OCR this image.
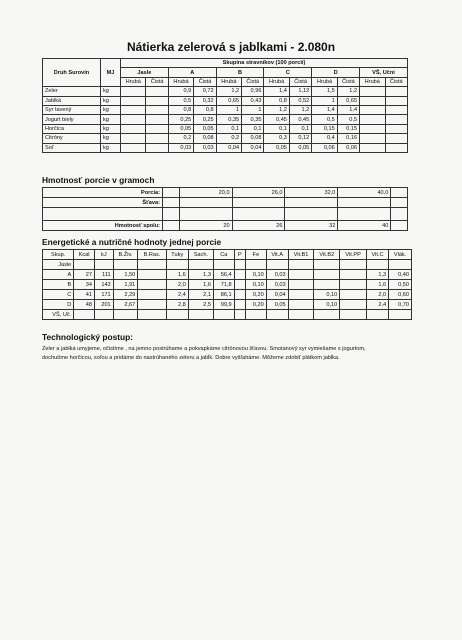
Nátierka zelerová s jablkami - 2.080n
Druh Surovín	MJ	Skupina stravníkov (100 porcií)											
		Jasle		A		B		C		D		VŠ, Učni	
		Hrubá	Čistá	Hrubá	Čistá	Hrubá	Čistá	Hrubá	Čistá	Hrubá	Čistá	Hrubá	Čistá
Zeler	kg			0,9	0,72	1,2	0,96	1,4	1,12	1,5	1,2		
Jablká	kg			0,5	0,32	0,65	0,43	0,8	0,52	1	0,65		
Syr tavený	kg			0,8	0,8	1	1	1,2	1,2	1,4	1,4		
Jogurt biely	kg			0,25	0,25	0,35	0,35	0,45	0,45	0,5	0,5		
Horčica	kg			0,05	0,05	0,1	0,1	0,1	0,1	0,15	0,15		
Citróny	kg			0,2	0,08	0,2	0,08	0,3	0,12	0,4	0,16		
Soľ	kg			0,03	0,03	0,04	0,04	0,05	0,05	0,06	0,06		
Hmotnosť porcie v gramoch
Porcia:		20,0	26,0	32,0	40,0	
Šťava:						

Hmotnosť spolu:		20	26	32	40	
Energetické a nutričné hodnoty jednej porcie
Skup.	Kcal	kJ	B.Živ.	B.Ras.	Tuky	Sach.	Ca	P	Fe	Vit.A	Vit.B1	Vit.B2	Vit.PP	Vit.C	Vlák.
Jasle															
A	27	111	1,50		1,6	1,3	56,4		0,10	0,03				1,3	0,40
B	34	143	1,91		2,0	1,6	71,8		0,10	0,03				1,6	0,50
C	41	171	2,29		2,4	2,1	86,1		0,20	0,04		0,10		2,0	0,60
D	48	201	2,67		2,8	2,5	99,9		0,20	0,05		0,10		2,4	0,70
VŠ, Uč.															
Technologický postup:
Zeler a jablká umyjeme, očistíme , na jemno postrúhame a pokvapkáme citrónovou šťavou. Smotanový syr vymiešame s jogurtom,
dochutíme horčicou, soľou a pridáme do nastrúhaného zeleru a jabĺk. Dobre vyšľaháme. Môžeme zdobiť plátkom jabĺka.
